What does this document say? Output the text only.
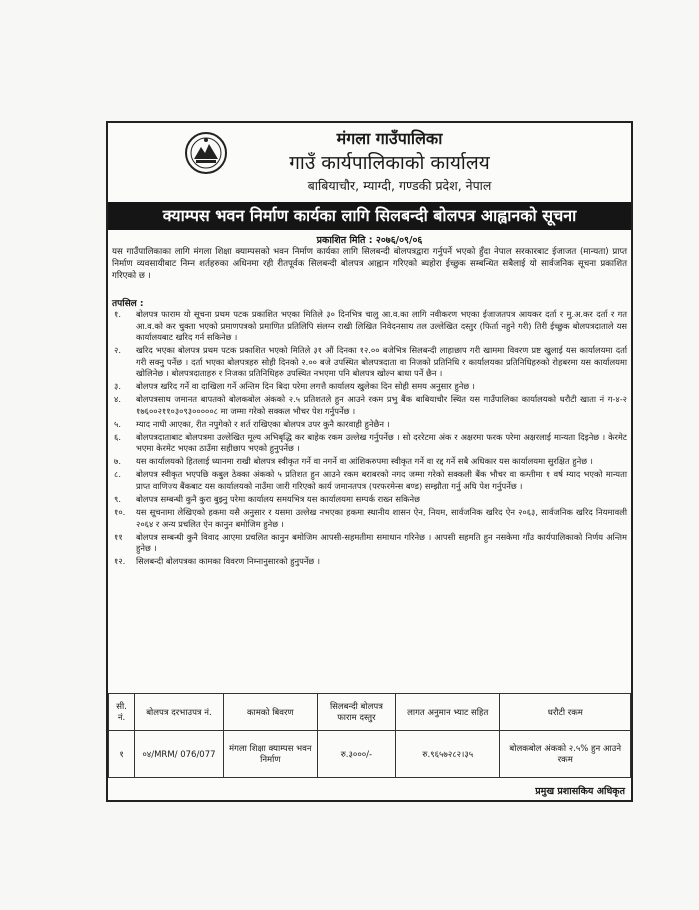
मंगला गाउँपालिका
गाउँ कार्यपालिकाको कार्यालय
बाबियाचौर, म्याग्दी, गण्डकी प्रदेश, नेपाल
क्याम्पस भवन निर्माण कार्यका लागि सिलबन्दी बोलपत्र आह्वानको सूचना
प्रकाशित मिति : २०७६/०९/०६
यस गाउँपालिकाका लागि मंगला शिक्षा क्याम्पसको भवन निर्माण कार्यका लागि सिलबन्दी बोलपत्रद्वारा गर्नुपर्ने भएको हुँदा नेपाल सरकारबाट ईजाजत (मान्यता) प्राप्त निर्माण व्यवसायीबाट निम्न शर्तहरुका अधिनमा रही रीतपूर्वक सिलबन्दी बोलपत्र आह्वान गरिएको ब्यहोरा ईच्छुक सम्बन्धित सबैलाई यो सार्वजनिक सूचना प्रकाशित गरिएको छ ।
तपसिल :
१.	बोलपत्र फाराम यो सूचना प्रथम पटक प्रकाशित भएका मितिले ३० दिनभित्र चालु आ.व.का लागि नवीकरण भएका ईजाजतपत्र आयकर दर्ता र मु.अ.कर दर्ता र गत आ.व.को कर चुक्ता भएको प्रमाणपत्रको प्रमाणित प्रतिलिपि संलग्न राखी लिखित निवेदनसाथ तल उल्लेखित दस्तुर (फिर्ता नहुने गरी) तिरी ईच्छुक बोलपत्रदाताले यस कार्यालयबाट खरिद गर्न सकिनेछ ।
२.	खरिद भएका बोलपत्र प्रथम पटक प्रकाशित भएको मितिले ३१ औं दिनका १२.०० बजेभित्र सिलबन्दी लाहाछाप गरी खाममा विवरण प्रष्ट खुलाई यस कार्यालयमा दर्ता गरी सक्नु पर्नेछ । दर्ता भएका बोलपत्रहरु सोही दिनको २.०० बजे उपस्थित बोलपत्रदाता वा निजको प्रतिनिधि र कार्यालयका प्रतिनिधिहरुको रोहबरमा यस कार्यालयमा खोलिनेछ । बोलपत्रदाताहरु र निजका प्रतिनिधिहरु उपस्थित नभएमा पनि बोलपत्र खोल्न बाधा पर्ने छैन ।
३.	बोलपत्र खरिद गर्ने वा दाखिला गर्ने अन्तिम दिन बिदा परेमा लगत्तै कार्यालय खुलेका दिन सोही समय अनुसार हुनेछ ।
४.	बोलपत्रसाथ जमानत बापतको बोलकबोल अंकको २.५ प्रतिशतले हुन आउने रकम प्रभु बैंक बाबियाचौर स्थित यस गाउँपालिका कार्यालयको धरौटी खाता नं ग-४-२ १७६००२११०३०९३०००००८ मा जम्मा गरेको सक्कल भौचर पेश गर्नुपर्नेछ ।
५.	म्याद नाघी आएका, रीत नपुगेको र शर्त राखिएका बोलपत्र उपर कुनै कारवाही हुनेछैन ।
६.	बोलपत्रदाताबाट बोलपत्रमा उल्लेखित मूल्य अभिबृद्धि कर बाहेक रकम उल्लेख गर्नुपर्नेछ । सो दररेटमा अंक र अक्षरमा फरक परेमा अक्षरलाई मान्यता दिइनेछ । केरमेट भएमा केरमेट भएका ठाउँमा सहीछाप भएको हुनुपर्नेछ ।
७.	यस कार्यालयको हितलाई ध्यानमा राखी बोलपत्र स्वीकृत गर्ने वा नगर्ने वा आंशिकरुपमा स्वीकृत गर्ने वा रद्द गर्ने सबै अधिकार यस कार्यालयमा सुरक्षित हुनेछ ।
८.	बोलपत्र स्वीकृत भएपछि कबुल ठेक्का अंकको ५ प्रतिशत हुन आउने रकम बराबरको नगद जम्मा गरेको सक्कली बैंक भौचर वा कम्तीमा १ वर्ष म्याद भएको मान्यता प्राप्त वाणिज्य बैंकबाट यस कार्यालयको नाउँमा जारी गरिएको कार्य जमानतपत्र (परफरमेन्स बण्ड) सम्झौता गर्नु अघि पेश गर्नुपर्नेछ ।
९.	बोलपत्र सम्बन्धी कुनै कुरा बुझ्नु परेमा कार्यालय समयभित्र यस कार्यालयमा सम्पर्क राख्न सकिनेछ
१०.	यस सूचनामा लेखिएको हकमा यसै अनुसार र यसमा उल्लेख नभएका हकमा स्थानीय शासन ऐन, नियम, सार्वजनिक खरिद ऐन २०६३, सार्वजनिक खरिद नियमावली २०६४ र अन्य प्रचलित ऐन कानुन बमोजिम हुनेछ ।
११	बोलपत्र सम्बन्धी कुनै विवाद आएमा प्रचलित कानुन बमोजिम आपसी-सहमतीमा समाधान गरिनेछ । आपसी सहमति हुन नसकेमा गाँउ कार्यपालिकाको निर्णय अन्तिम हुनेछ ।
१२.	सिलबन्दी बोलपत्रका कामका विवरण निम्नानुसारको हुनुपर्नेछ ।
सी. नं.	बोलपत्र दरभाउपत्र नं.	कामको बिवरण	सिलबन्दी बोलपत्र फाराम दस्तुर	लागत अनुमान भ्याट सहित	धरौटी रकम
१	०४/MRM/ 076/077	मंगला शिक्षा क्याम्पस भवन निर्माण	रु.३०००/-	रु.९६५७२८२।३५	बोलकबोल अंकको २.५% हुन आउने रकम
प्रमुख प्रशासकिय अधिकृत
